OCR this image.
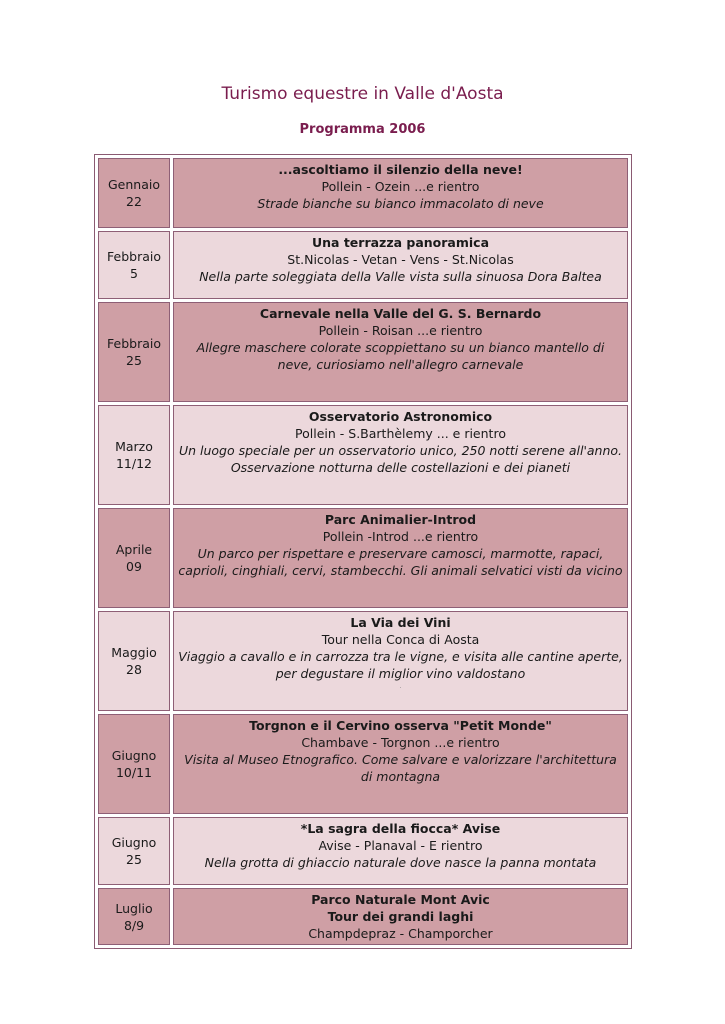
Turismo equestre in Valle d'Aosta
Programma 2006
Gennaio
22	...ascoltiamo il silenzio della neve!
Pollein - Ozein ...e rientro
Strade bianche su bianco immacolato di neve

Febbraio
5	Una terrazza panoramica
St.Nicolas - Vetan - Vens - St.Nicolas
Nella parte soleggiata della Valle vista sulla sinuosa Dora Baltea

Febbraio
25	Carnevale nella Valle del G. S. Bernardo
Pollein - Roisan ...e rientro
Allegre maschere colorate scoppiettano su un bianco mantello di neve, curiosiamo nell'allegro carnevale

Marzo
11/12	Osservatorio Astronomico
Pollein - S.Barthèlemy ... e rientro
Un luogo speciale per un osservatorio unico, 250 notti serene all'anno. Osservazione notturna delle costellazioni e dei pianeti

Aprile
09	Parc Animalier-Introd
Pollein -Introd ...e rientro
Un parco per rispettare e preservare camosci, marmotte, rapaci, caprioli, cinghiali, cervi, stambecchi. Gli animali selvatici visti da vicino

Maggio
28	La Via dei Vini
Tour nella Conca di Aosta
Viaggio a cavallo e in carrozza tra le vigne, e visita alle cantine aperte, per degustare il miglior vino valdostano
.

Giugno
10/11	Torgnon e il Cervino osserva "Petit Monde"
Chambave - Torgnon ...e rientro
Visita al Museo Etnografico. Come salvare e valorizzare l'architettura di montagna

Giugno
25	*La sagra della fiocca* Avise
Avise - Planaval - E rientro
Nella grotta di ghiaccio naturale dove nasce la panna montata

Luglio
8/9	Parco Naturale Mont Avic
Tour dei grandi laghi
Champdepraz - Champorcher
